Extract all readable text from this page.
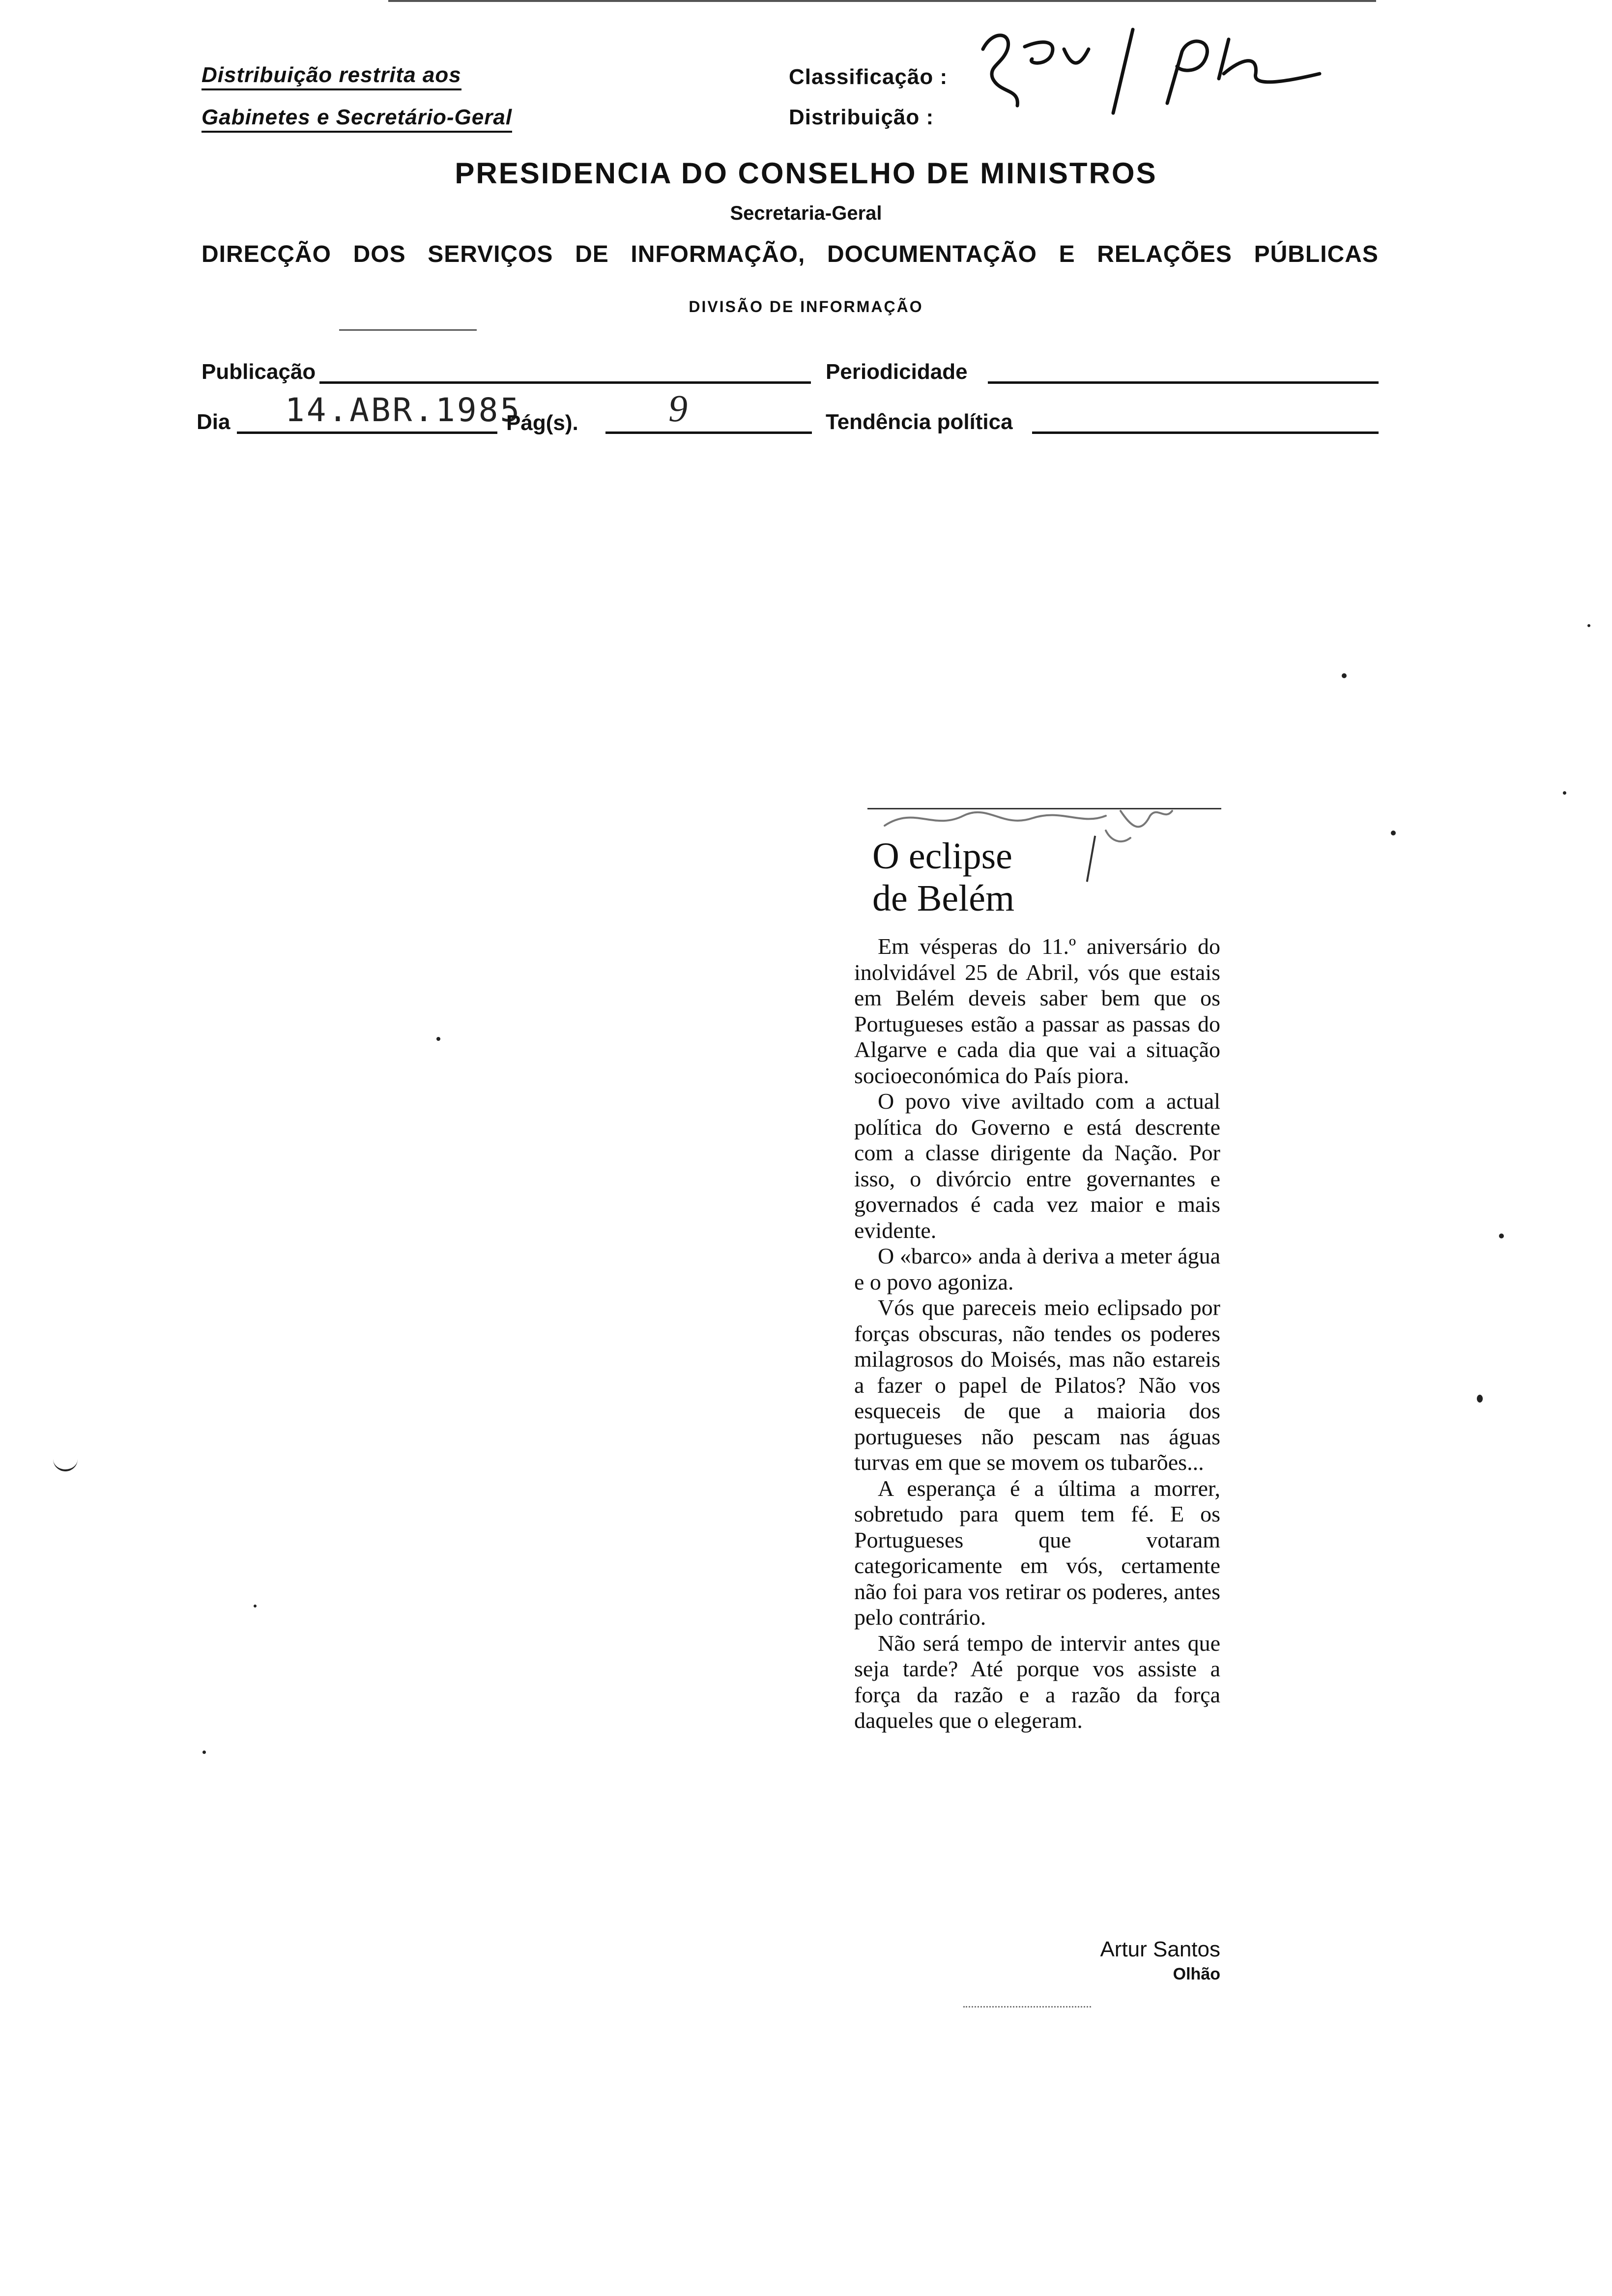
Distribuição restrita aos
Gabinetes e Secretário-Geral
Classificação :
Distribuição :
PRESIDENCIA DO CONSELHO DE MINISTROS
Secretaria-Geral
DIRECÇÃO DOS SERVIÇOS DE INFORMAÇÃO, DOCUMENTAÇÃO E RELAÇÕES PÚBLICAS
DIVISÃO DE INFORMAÇÃO
Publicação	Periodicidade
Dia 14.ABR.1985
Pág(s). 9	Tendência política
O eclipse
de Belém

Em vésperas do 11.º aniversário do inolvidável 25 de Abril, vós que estais em Belém deveis saber bem que os Portugueses estão a passar as passas do Algarve e cada dia que vai a situação socioeconómica do País piora.

O povo vive aviltado com a actual política do Governo e está descrente com a classe dirigente da Nação. Por isso, o divórcio entre governantes e governados é cada vez maior e mais evidente.

O «barco» anda à deriva a meter água e o povo agoniza.

Vós que pareceis meio eclipsado por forças obscuras, não tendes os poderes milagrosos do Moisés, mas não estareis a fazer o papel de Pilatos? Não vos esqueceis de que a maioria dos portugueses não pescam nas águas turvas em que se movem os tubarões...

A esperança é a última a morrer, sobretudo para quem tem fé. E os Portugueses que votaram categoricamente em vós, certamente não foi para vos retirar os poderes, antes pelo contrário.

Não será tempo de intervir antes que seja tarde? Até porque vos assiste a força da razão e a razão da força daqueles que o elegeram.

Artur Santos
Olhão
